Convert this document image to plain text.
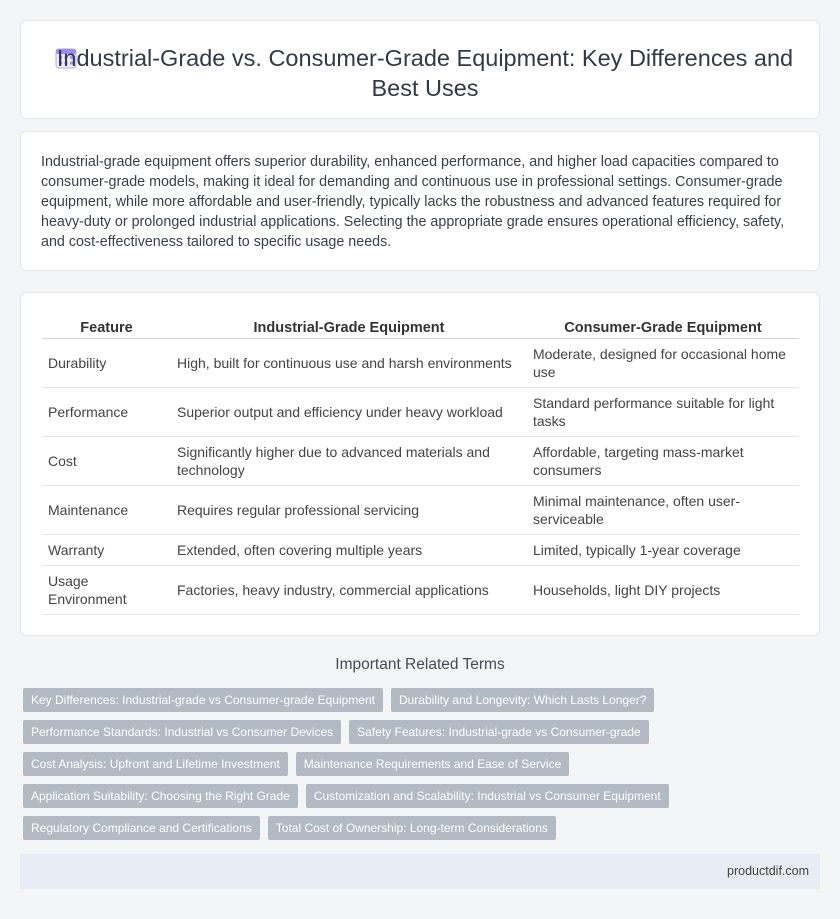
Industrial-Grade vs. Consumer-Grade Equipment: Key Differences and Best Uses

Industrial-grade equipment offers superior durability, enhanced performance, and higher load capacities compared to consumer-grade models, making it ideal for demanding and continuous use in professional settings. Consumer-grade equipment, while more affordable and user-friendly, typically lacks the robustness and advanced features required for heavy-duty or prolonged industrial applications. Selecting the appropriate grade ensures operational efficiency, safety, and cost-effectiveness tailored to specific usage needs.

Feature	Industrial-Grade Equipment	Consumer-Grade Equipment
Durability	High, built for continuous use and harsh environments	Moderate, designed for occasional home use
Performance	Superior output and efficiency under heavy workload	Standard performance suitable for light tasks
Cost	Significantly higher due to advanced materials and technology	Affordable, targeting mass-market consumers
Maintenance	Requires regular professional servicing	Minimal maintenance, often user-serviceable
Warranty	Extended, often covering multiple years	Limited, typically 1-year coverage
Usage Environment	Factories, heavy industry, commercial applications	Households, light DIY projects
Important Related Terms
Key Differences: Industrial-grade vs Consumer-grade Equipment	Durability and Longevity: Which Lasts Longer?
Performance Standards: Industrial vs Consumer Devices	Safety Features: Industrial-grade vs Consumer-grade
Cost Analysis: Upfront and Lifetime Investment	Maintenance Requirements and Ease of Service
Application Suitability: Choosing the Right Grade	Customization and Scalability: Industrial vs Consumer Equipment
Regulatory Compliance and Certifications	Total Cost of Ownership: Long-term Considerations
productdif.com
